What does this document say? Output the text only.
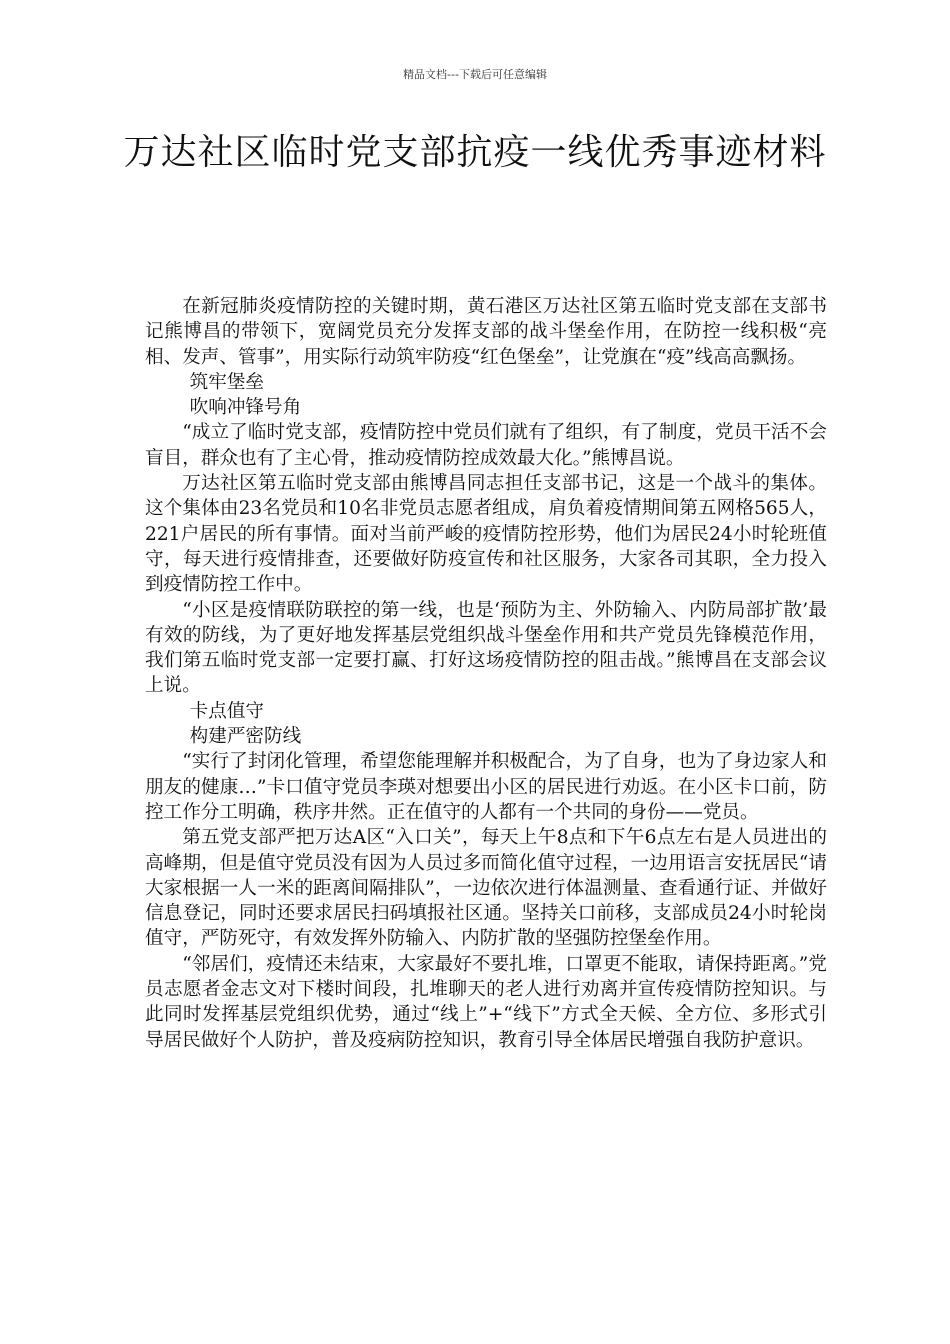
精品文档---下载后可任意编辑
万达社区临时党支部抗疫一线优秀事迹材料

在新冠肺炎疫情防控的关键时期，黄石港区万达社区第五临时党支部在支部书记熊博昌的带领下，宽阔党员充分发挥支部的战斗堡垒作用，在防控一线积极“亮相、发声、管事”，用实际行动筑牢防疫“红色堡垒”，让党旗在“疫”线高高飘扬。

筑牢堡垒

吹响冲锋号角

“成立了临时党支部，疫情防控中党员们就有了组织，有了制度，党员干活不会盲目，群众也有了主心骨，推动疫情防控成效最大化。”熊博昌说。

万达社区第五临时党支部由熊博昌同志担任支部书记，这是一个战斗的集体。这个集体由23名党员和10名非党员志愿者组成，肩负着疫情期间第五网格565人，221户居民的所有事情。面对当前严峻的疫情防控形势，他们为居民24小时轮班值守，每天进行疫情排查，还要做好防疫宣传和社区服务，大家各司其职，全力投入到疫情防控工作中。

“小区是疫情联防联控的第一线，也是‘预防为主、外防输入、内防局部扩散’最有效的防线，为了更好地发挥基层党组织战斗堡垒作用和共产党员先锋模范作用，我们第五临时党支部一定要打赢、打好这场疫情防控的阻击战。”熊博昌在支部会议上说。

卡点值守

构建严密防线

“实行了封闭化管理，希望您能理解并积极配合，为了自身，也为了身边家人和朋友的健康…”卡口值守党员李瑛对想要出小区的居民进行劝返。在小区卡口前，防控工作分工明确，秩序井然。正在值守的人都有一个共同的身份——党员。

第五党支部严把万达A区“入口关”，每天上午8点和下午6点左右是人员进出的高峰期，但是值守党员没有因为人员过多而简化值守过程，一边用语言安抚居民“请大家根据一人一米的距离间隔排队”，一边依次进行体温测量、查看通行证、并做好信息登记，同时还要求居民扫码填报社区通。坚持关口前移，支部成员24小时轮岗值守，严防死守，有效发挥外防输入、内防扩散的坚强防控堡垒作用。

“邻居们，疫情还未结束，大家最好不要扎堆，口罩更不能取，请保持距离。”党员志愿者金志文对下楼时间段，扎堆聊天的老人进行劝离并宣传疫情防控知识。与此同时发挥基层党组织优势，通过“线上”+“线下”方式全天候、全方位、多形式引导居民做好个人防护，普及疫病防控知识，教育引导全体居民增强自我防护意识。
